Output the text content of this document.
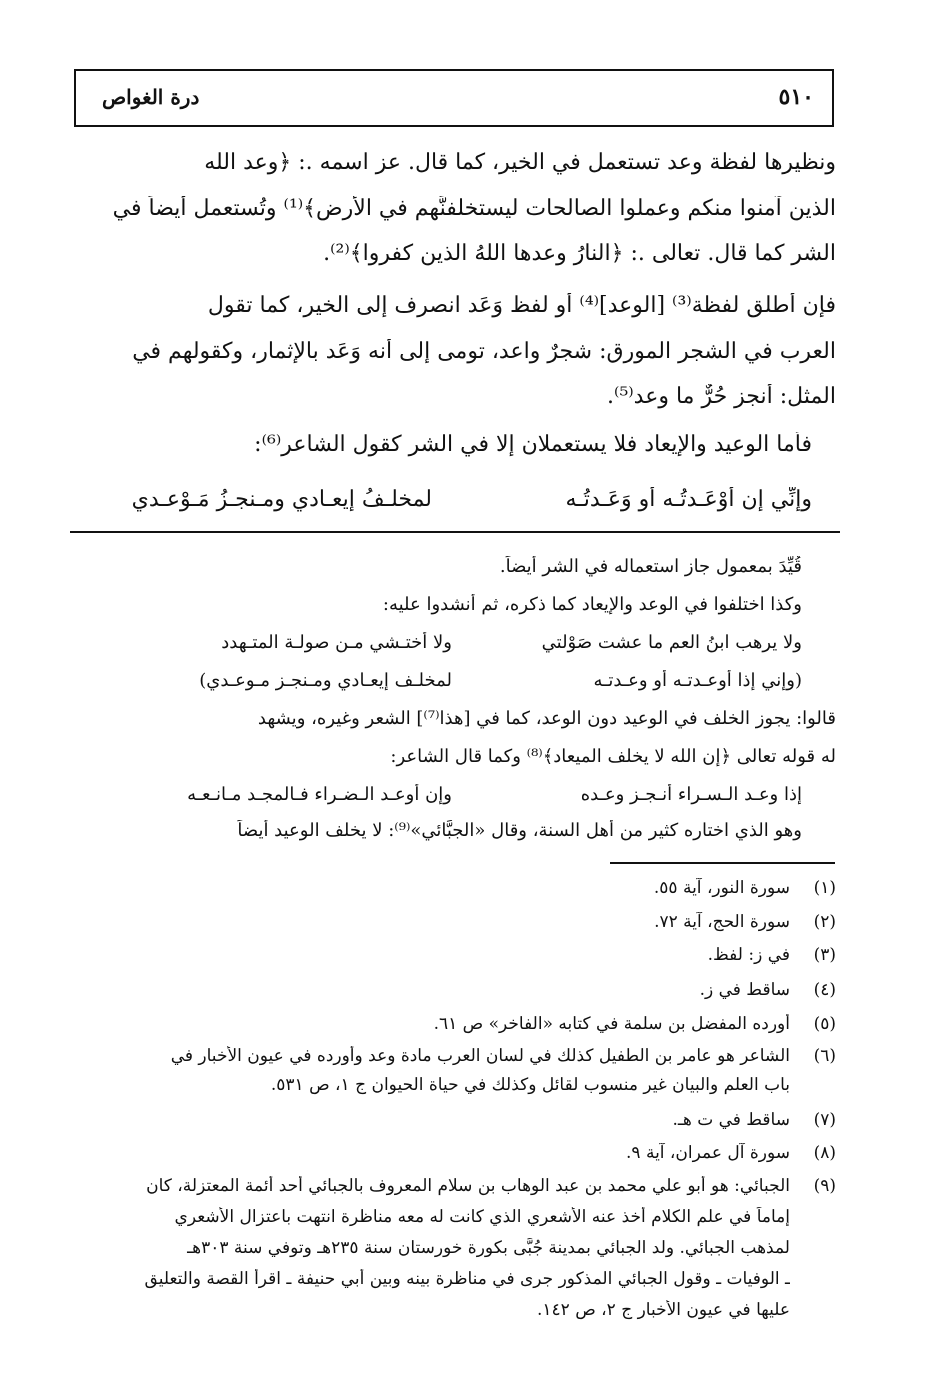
٥١٠
درة الغواص
ونظيرها لفظة وعد تستعمل في الخير، كما قال. عز اسمه .: ﴿وعد الله
الذين آمنوا منكم وعملوا الصالحات ليستخلفنَّهم في الأرض﴾⁽¹⁾ وتُستعمل أيضاً في
الشر كما قال. تعالى .: ﴿النارُ وعدها اللهُ الذين كفروا﴾⁽²⁾.
فإن أُطلق لفظة⁽³⁾ [الوعد]⁽⁴⁾ أو لفظ وَعَد انصرف إلى الخير، كما تقول
العرب في الشجر المورق: شجرٌ واعد، تومى إلى أنه وَعَد بالإثمار، وكقولهم في
المثل: أنجز حُرٌّ ما وعد⁽⁵⁾.
فأما الوعيد والإيعاد فلا يستعملان إلا في الشر كقول الشاعر⁽⁶⁾:
وإنِّي إن أوْعَـدتُـه أو وَعَـدتُـه
لمخلـفُ إيعـادي ومـنجـزُ مَـوْعـدي
قُيِّدَ بمعمول جاز استعماله في الشر أيضاً.
وكذا اختلفوا في الوعد والإيعاد كما ذكره، ثم أنشدوا عليه:
ولا يرهب ابنُ العم ما عشت صَوْلتي
ولا أختـشي مـن صولـة المتـهدد
(وإني إذا أوعـدتـه أو وعـدتـه
لمخلـف إيعـادي ومـنجـز مـوعـدي)
قالوا: يجوز الخلف في الوعيد دون الوعد، كما في [هذا⁽⁷⁾] الشعر وغيره، ويشهد
له قوله تعالى ﴿إن الله لا يخلف الميعاد﴾⁽⁸⁾ وكما قال الشاعر:
إذا وعـد الـسـراء أنـجـز وعـده
وإن أوعـد الـضـراء فـالمجـد مـانـعـه
وهو الذي اختاره كثير من أهل السنة، وقال «الجبَّائي»⁽⁹⁾: لا يخلف الوعيد أيضاً
(١)
سورة النور، آية ٥٥.
(٢)
سورة الحج، آية ٧٢.
(٣)
في ز: لفظ.
(٤)
ساقط في ز.
(٥)
أورده المفضل بن سلمة في كتابه «الفاخر» ص ٦١.
(٦)
الشاعر هو عامر بن الطفيل كذلك في لسان العرب مادة وعد وأورده في عيون الأخبار في
باب العلم والبيان غير منسوب لقائل وكذلك في حياة الحيوان ج ١، ص ٥٣١.
(٧)
ساقط في ت هـ.
(٨)
سورة آل عمران، آية ٩.
(٩)
الجبائي: هو أبو علي محمد بن عبد الوهاب بن سلام المعروف بالجبائي أحد أئمة المعتزلة، كان
إماماً في علم الكلام أخذ عنه الأشعري الذي كانت له معه مناظرة انتهت باعتزال الأشعري
لمذهب الجبائي. ولد الجبائي بمدينة جُبَّى بكورة خورستان سنة ٢٣٥هـ وتوفي سنة ٣٠٣هـ
ـ الوفيات ـ وقول الجبائي المذكور جرى في مناظرة بينه وبين أبي حنيفة ـ اقرأ القصة والتعليق
عليها في عيون الأخبار ج ٢، ص ١٤٢.
